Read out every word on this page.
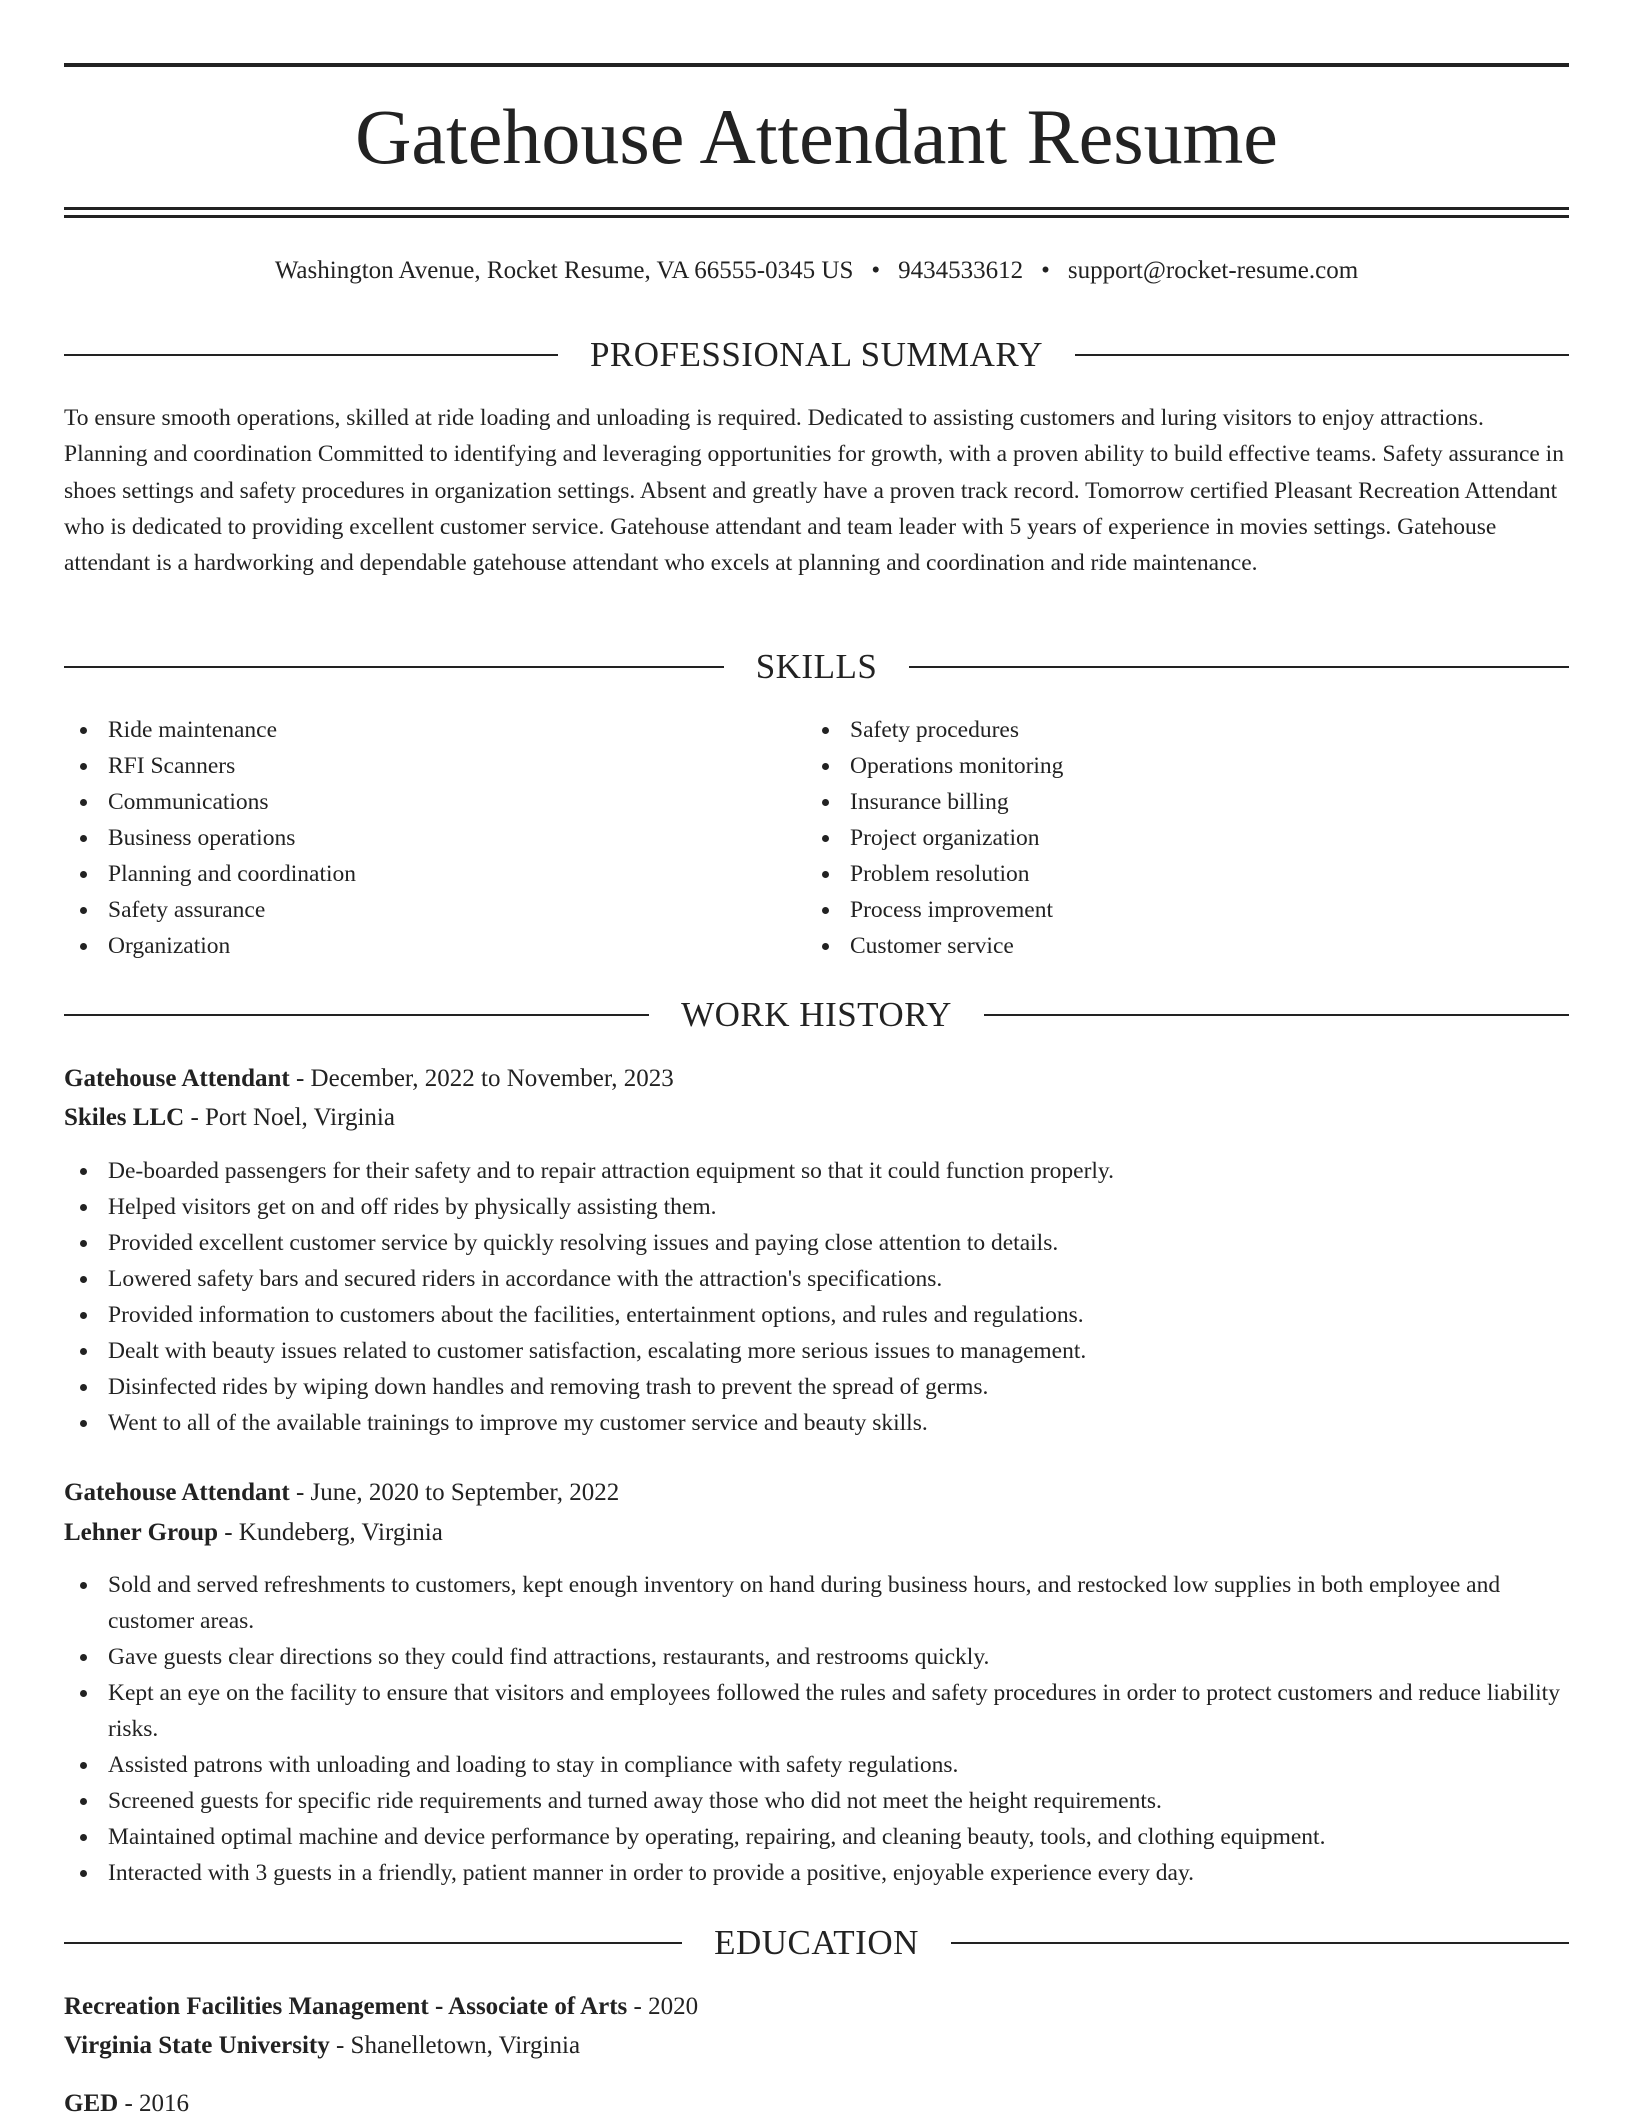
Gatehouse Attendant Resume
Washington Avenue, Rocket Resume, VA 66555-0345 US • 9434533612 • support@rocket-resume.com
PROFESSIONAL SUMMARY

To ensure smooth operations, skilled at ride loading and unloading is required. Dedicated to assisting customers and luring visitors to enjoy attractions. Planning and coordination Committed to identifying and leveraging opportunities for growth, with a proven ability to build effective teams. Safety assurance in shoes settings and safety procedures in organization settings. Absent and greatly have a proven track record. Tomorrow certified Pleasant Recreation Attendant who is dedicated to providing excellent customer service. Gatehouse attendant and team leader with 5 years of experience in movies settings. Gatehouse attendant is a hardworking and dependable gatehouse attendant who excels at planning and coordination and ride maintenance.

SKILLS
Ride maintenance
RFI Scanners
Communications
Business operations
Planning and coordination
Safety assurance
Organization
Safety procedures
Operations monitoring
Insurance billing
Project organization
Problem resolution
Process improvement
Customer service
WORK HISTORY
Gatehouse Attendant - December, 2022 to November, 2023
Skiles LLC - Port Noel, Virginia
De-boarded passengers for their safety and to repair attraction equipment so that it could function properly.
Helped visitors get on and off rides by physically assisting them.
Provided excellent customer service by quickly resolving issues and paying close attention to details.
Lowered safety bars and secured riders in accordance with the attraction's specifications.
Provided information to customers about the facilities, entertainment options, and rules and regulations.
Dealt with beauty issues related to customer satisfaction, escalating more serious issues to management.
Disinfected rides by wiping down handles and removing trash to prevent the spread of germs.
Went to all of the available trainings to improve my customer service and beauty skills.
Gatehouse Attendant - June, 2020 to September, 2022
Lehner Group - Kundeberg, Virginia
Sold and served refreshments to customers, kept enough inventory on hand during business hours, and restocked low supplies in both employee and customer areas.
Gave guests clear directions so they could find attractions, restaurants, and restrooms quickly.
Kept an eye on the facility to ensure that visitors and employees followed the rules and safety procedures in order to protect customers and reduce liability risks.
Assisted patrons with unloading and loading to stay in compliance with safety regulations.
Screened guests for specific ride requirements and turned away those who did not meet the height requirements.
Maintained optimal machine and device performance by operating, repairing, and cleaning beauty, tools, and clothing equipment.
Interacted with 3 guests in a friendly, patient manner in order to provide a positive, enjoyable experience every day.
EDUCATION
Recreation Facilities Management - Associate of Arts - 2020
Virginia State University - Shanelletown, Virginia
GED - 2016
